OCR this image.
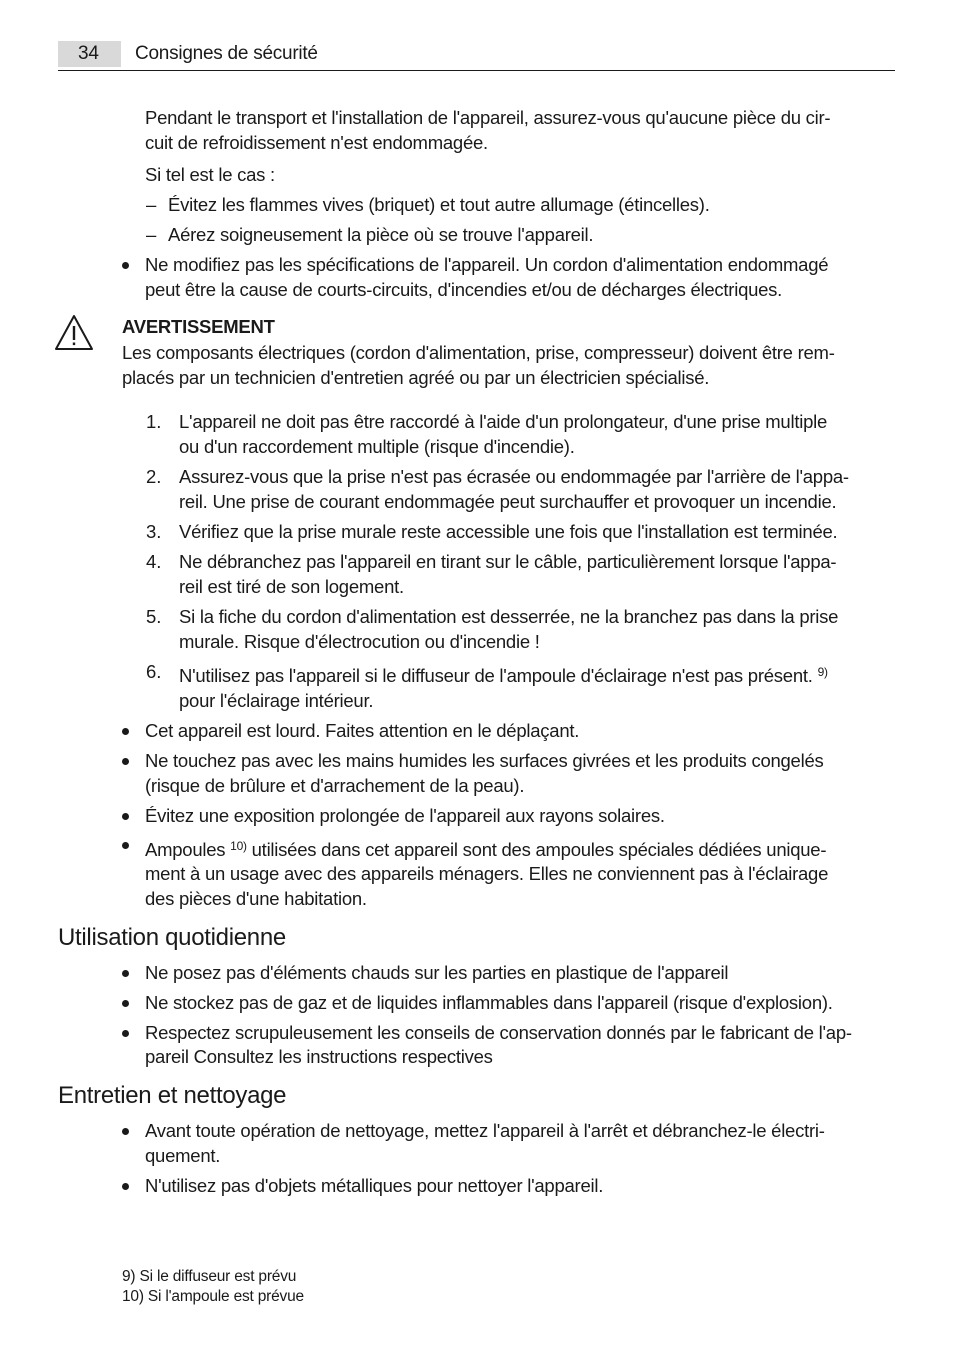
34 Consignes de sécurité
Pendant le transport et l'installation de l'appareil, assurez-vous qu'aucune pièce du cir-
cuit de refroidissement n'est endommagée.
Si tel est le cas :
– Évitez les flammes vives (briquet) et tout autre allumage (étincelles).
– Aérez soigneusement la pièce où se trouve l'appareil.
Ne modifiez pas les spécifications de l'appareil. Un cordon d'alimentation endommagé
peut être la cause de courts-circuits, d'incendies et/ou de décharges électriques.
AVERTISSEMENT
Les composants électriques (cordon d'alimentation, prise, compresseur) doivent être rem-
placés par un technicien d'entretien agréé ou par un électricien spécialisé.
1. L'appareil ne doit pas être raccordé à l'aide d'un prolongateur, d'une prise multiple
ou d'un raccordement multiple (risque d'incendie).
2. Assurez-vous que la prise n'est pas écrasée ou endommagée par l'arrière de l'appa-
reil. Une prise de courant endommagée peut surchauffer et provoquer un incendie.
3. Vérifiez que la prise murale reste accessible une fois que l'installation est terminée.
4. Ne débranchez pas l'appareil en tirant sur le câble, particulièrement lorsque l'appa-
reil est tiré de son logement.
5. Si la fiche du cordon d'alimentation est desserrée, ne la branchez pas dans la prise
murale. Risque d'électrocution ou d'incendie !
6. N'utilisez pas l'appareil si le diffuseur de l'ampoule d'éclairage n'est pas présent. $^{9)}$
pour l'éclairage intérieur.
Cet appareil est lourd. Faites attention en le déplaçant.
Ne touchez pas avec les mains humides les surfaces givrées et les produits congelés
(risque de brûlure et d'arrachement de la peau).
Évitez une exposition prolongée de l'appareil aux rayons solaires.
Ampoules $^{10)}$ utilisées dans cet appareil sont des ampoules spéciales dédiées unique-
ment à un usage avec des appareils ménagers. Elles ne conviennent pas à l'éclairage
des pièces d'une habitation.
Utilisation quotidienne
Ne posez pas d'éléments chauds sur les parties en plastique de l'appareil
Ne stockez pas de gaz et de liquides inflammables dans l'appareil (risque d'explosion).
Respectez scrupuleusement les conseils de conservation donnés par le fabricant de l'ap-
pareil Consultez les instructions respectives
Entretien et nettoyage
Avant toute opération de nettoyage, mettez l'appareil à l'arrêt et débranchez-le électri-
quement.
N'utilisez pas d'objets métalliques pour nettoyer l'appareil.
9) Si le diffuseur est prévu
10) Si l'ampoule est prévue
